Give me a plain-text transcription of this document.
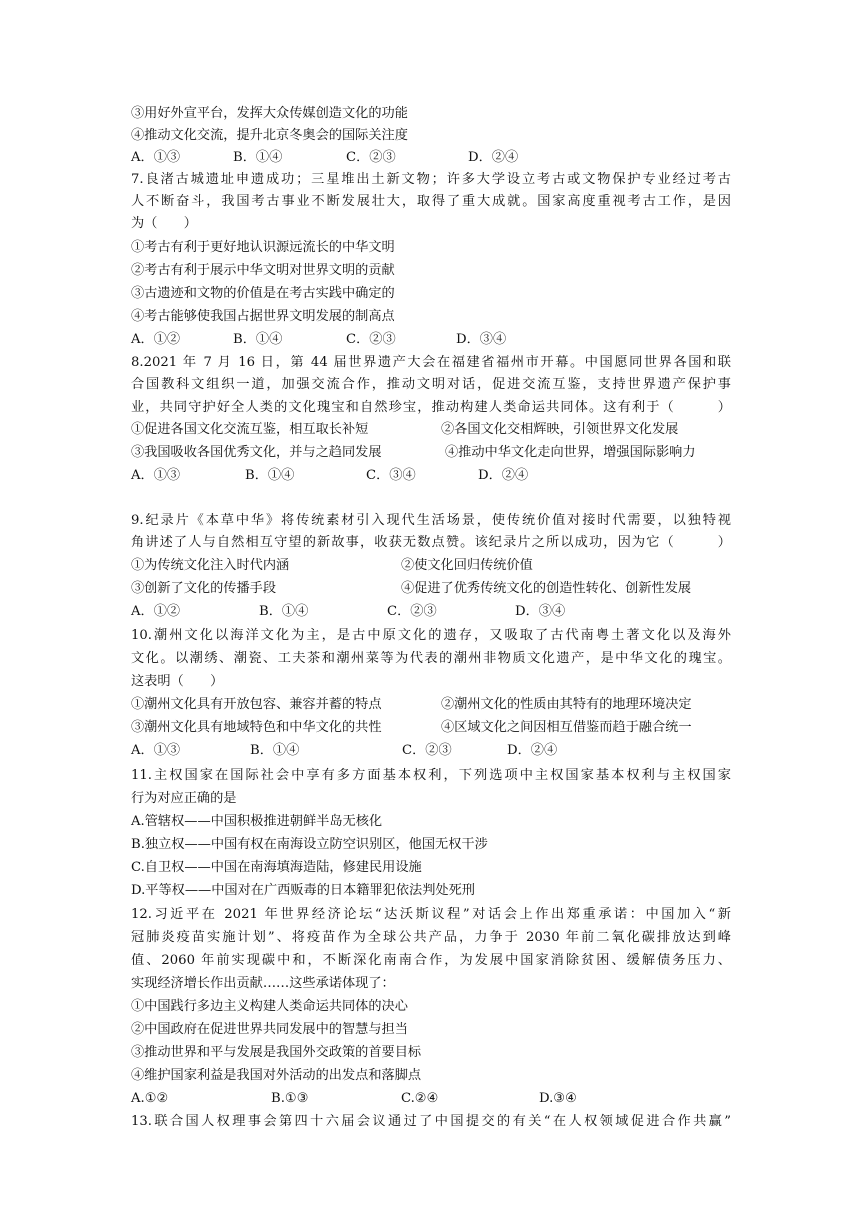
③用好外宣平台，发挥大众传媒创造文化的功能
④推动文化交流，提升北京冬奥会的国际关注度
A．①③	B．①④	C．②③	D．②④
7.良渚古城遗址申遗成功；三星堆出土新文物；许多大学设立考古或文物保护专业经过考古
人不断奋斗，我国考古事业不断发展壮大，取得了重大成就。国家高度重视考古工作，是因
为（　　）
①考古有利于更好地认识源远流长的中华文明
②考古有利于展示中华文明对世界文明的贡献
③古遗迹和文物的价值是在考古实践中确定的
④考古能够使我国占据世界文明发展的制高点
A．①②	B．①④	C．②③	D．③④
8.2021 年 7 月 16 日，第 44 届世界遗产大会在福建省福州市开幕。中国愿同世界各国和联
合国教科文组织一道，加强交流合作，推动文明对话，促进交流互鉴，支持世界遗产保护事
业，共同守护好全人类的文化瑰宝和自然珍宝，推动构建人类命运共同体。这有利于（　　　）
①促进各国文化交流互鉴，相互取长补短	②各国文化交相辉映，引领世界文化发展
③我国吸收各国优秀文化，并与之趋同发展	④推动中华文化走向世界，增强国际影响力
A．①③	B．①④	C．③④	D．②④
9.纪录片《本草中华》将传统素材引入现代生活场景，使传统价值对接时代需要，以独特视
角讲述了人与自然相互守望的新故事，收获无数点赞。该纪录片之所以成功，因为它（　　　）
①为传统文化注入时代内涵	②使文化回归传统价值
③创新了文化的传播手段	④促进了优秀传统文化的创造性转化、创新性发展
A．①②	B．①④	C．②③	D．③④
10.潮州文化以海洋文化为主，是古中原文化的遗存，又吸取了古代南粤土著文化以及海外
文化。以潮绣、潮瓷、工夫茶和潮州菜等为代表的潮州非物质文化遗产，是中华文化的瑰宝。
这表明（　　）
①潮州文化具有开放包容、兼容并蓄的特点	②潮州文化的性质由其特有的地理环境决定
③潮州文化具有地域特色和中华文化的共性	④区域文化之间因相互借鉴而趋于融合统一
A．①③	B．①④	C．②③	D．②④
11.主权国家在国际社会中享有多方面基本权利，下列选项中主权国家基本权利与主权国家
行为对应正确的是
A.管辖权——中国积极推进朝鲜半岛无核化
B.独立权——中国有权在南海设立防空识别区，他国无权干涉
C.自卫权——中国在南海填海造陆，修建民用设施
D.平等权——中国对在广西贩毒的日本籍罪犯依法判处死刑
12.习近平在 2021 年世界经济论坛“达沃斯议程”对话会上作出郑重承诺：中国加入“新
冠肺炎疫苗实施计划”、将疫苗作为全球公共产品，力争于 2030 年前二氧化碳排放达到峰
值、2060 年前实现碳中和，不断深化南南合作，为发展中国家消除贫困、缓解债务压力、
实现经济增长作出贡献……这些承诺体现了：
①中国践行多边主义构建人类命运共同体的决心
②中国政府在促进世界共同发展中的智慧与担当
③推动世界和平与发展是我国外交政策的首要目标
④维护国家利益是我国对外活动的出发点和落脚点
A.①②	B.①③	C.②④	D.③④
13.联合国人权理事会第四十六届会议通过了中国提交的有关“在人权领域促进合作共赢”
